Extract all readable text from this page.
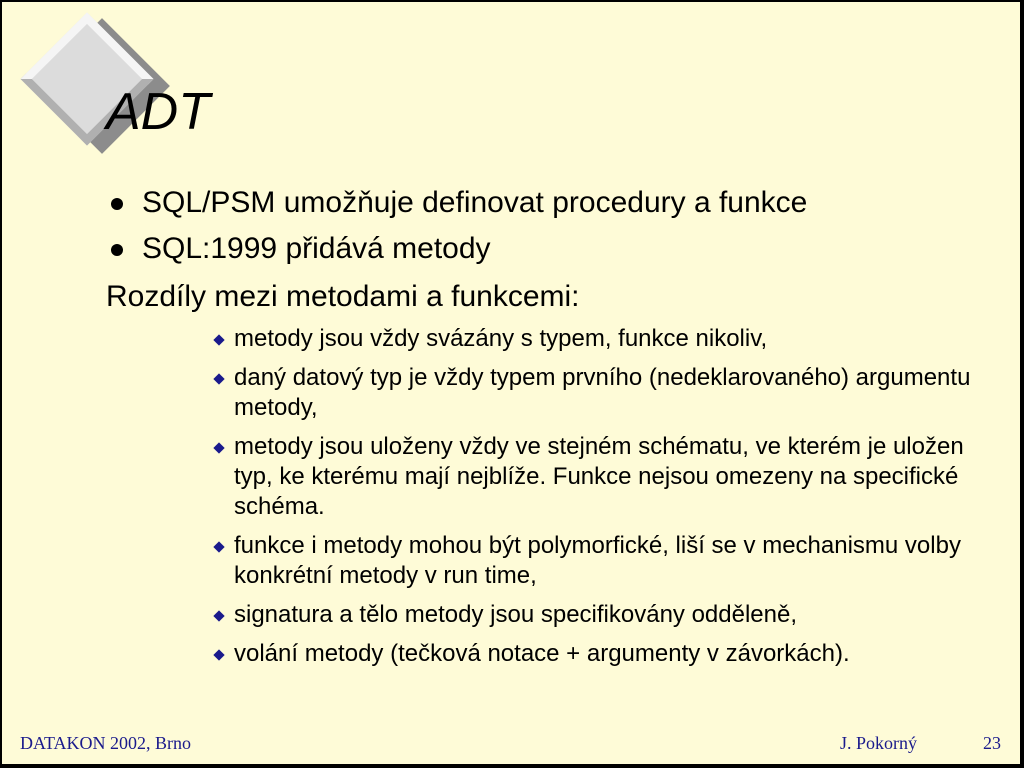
ADT
SQL/PSM umožňuje definovat procedury a funkce
SQL:1999 přidává metody
Rozdíly mezi metodami a funkcemi:
metody jsou vždy svázány s typem, funkce nikoliv,
daný datový typ je vždy typem prvního (nedeklarovaného) argumentu metody,
metody jsou uloženy vždy ve stejném schématu, ve kterém je uložen typ, ke kterému mají nejblíže. Funkce nejsou omezeny na specifické schéma.
funkce i metody mohou být polymorfické, liší se v mechanismu volby konkrétní metody v run time,
signatura a tělo metody jsou specifikovány odděleně,
volání metody (tečková notace + argumenty v závorkách).
DATAKON 2002, Brno	J. Pokorný	23
